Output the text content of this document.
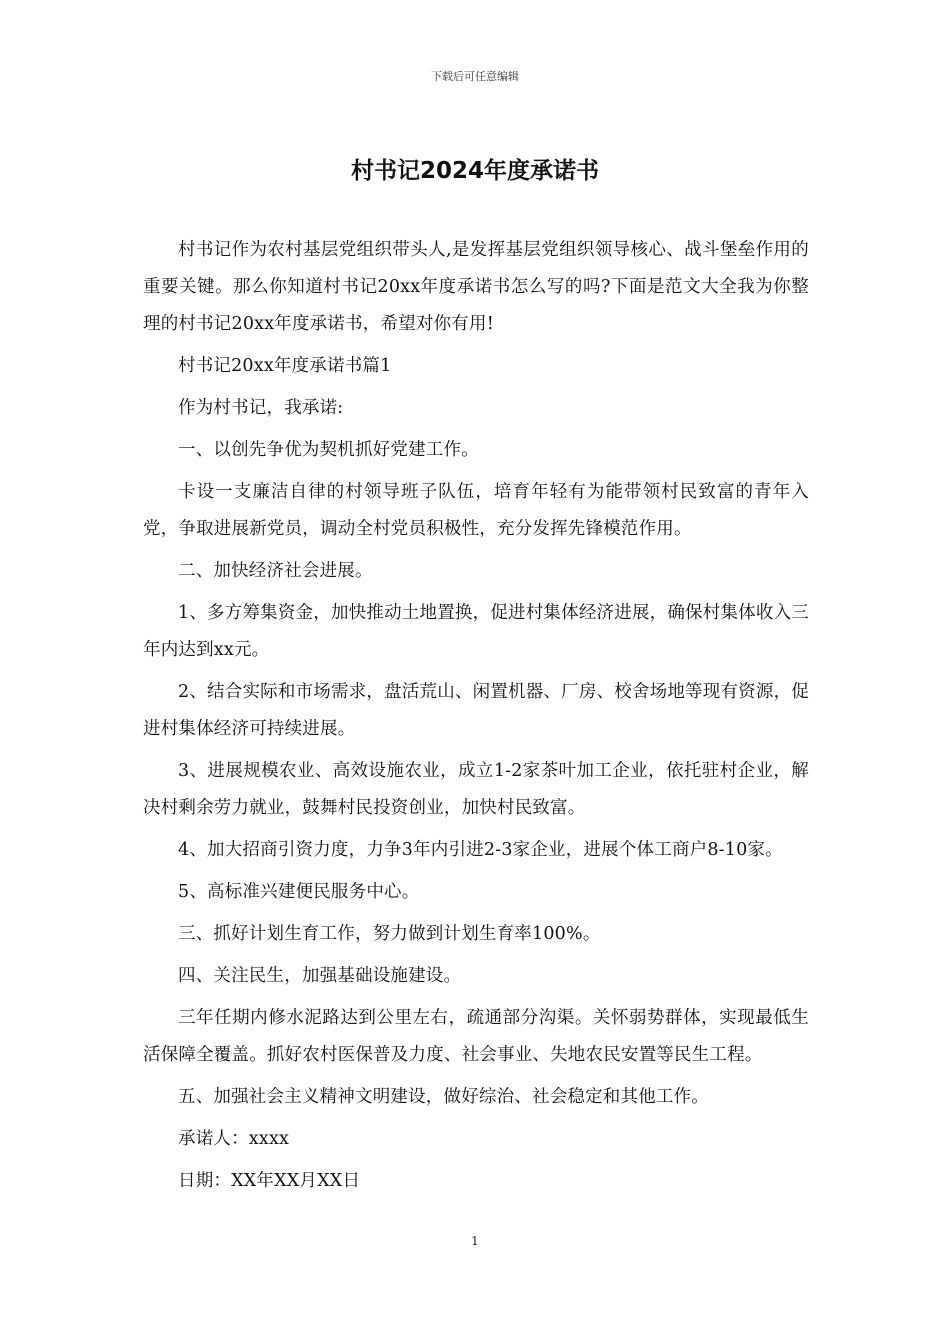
下载后可任意编辑
村书记2024年度承诺书

村书记作为农村基层党组织带头人,是发挥基层党组织领导核心、战斗堡垒作用的重要关键。那么你知道村书记20xx年度承诺书怎么写的吗?下面是范文大全我为你整理的村书记20xx年度承诺书，希望对你有用!

村书记20xx年度承诺书篇1

作为村书记，我承诺:

一、以创先争优为契机抓好党建工作。

卡设一支廉洁自律的村领导班子队伍，培育年轻有为能带领村民致富的青年入党，争取进展新党员，调动全村党员积极性，充分发挥先锋模范作用。

二、加快经济社会进展。

1、多方筹集资金，加快推动土地置换，促进村集体经济进展，确保村集体收入三年内达到xx元。

2、结合实际和市场需求，盘活荒山、闲置机器、厂房、校舍场地等现有资源，促进村集体经济可持续进展。

3、进展规模农业、高效设施农业，成立1-2家茶叶加工企业，依托驻村企业，解决村剩余劳力就业，鼓舞村民投资创业，加快村民致富。

4、加大招商引资力度，力争3年内引进2-3家企业，进展个体工商户8-10家。

5、高标准兴建便民服务中心。

三、抓好计划生育工作，努力做到计划生育率100%。

四、关注民生，加强基础设施建设。

三年任期内修水泥路达到公里左右，疏通部分沟渠。关怀弱势群体，实现最低生活保障全覆盖。抓好农村医保普及力度、社会事业、失地农民安置等民生工程。

五、加强社会主义精神文明建设，做好综治、社会稳定和其他工作。

承诺人：xxxx

日期：XX年XX月XX日

1
